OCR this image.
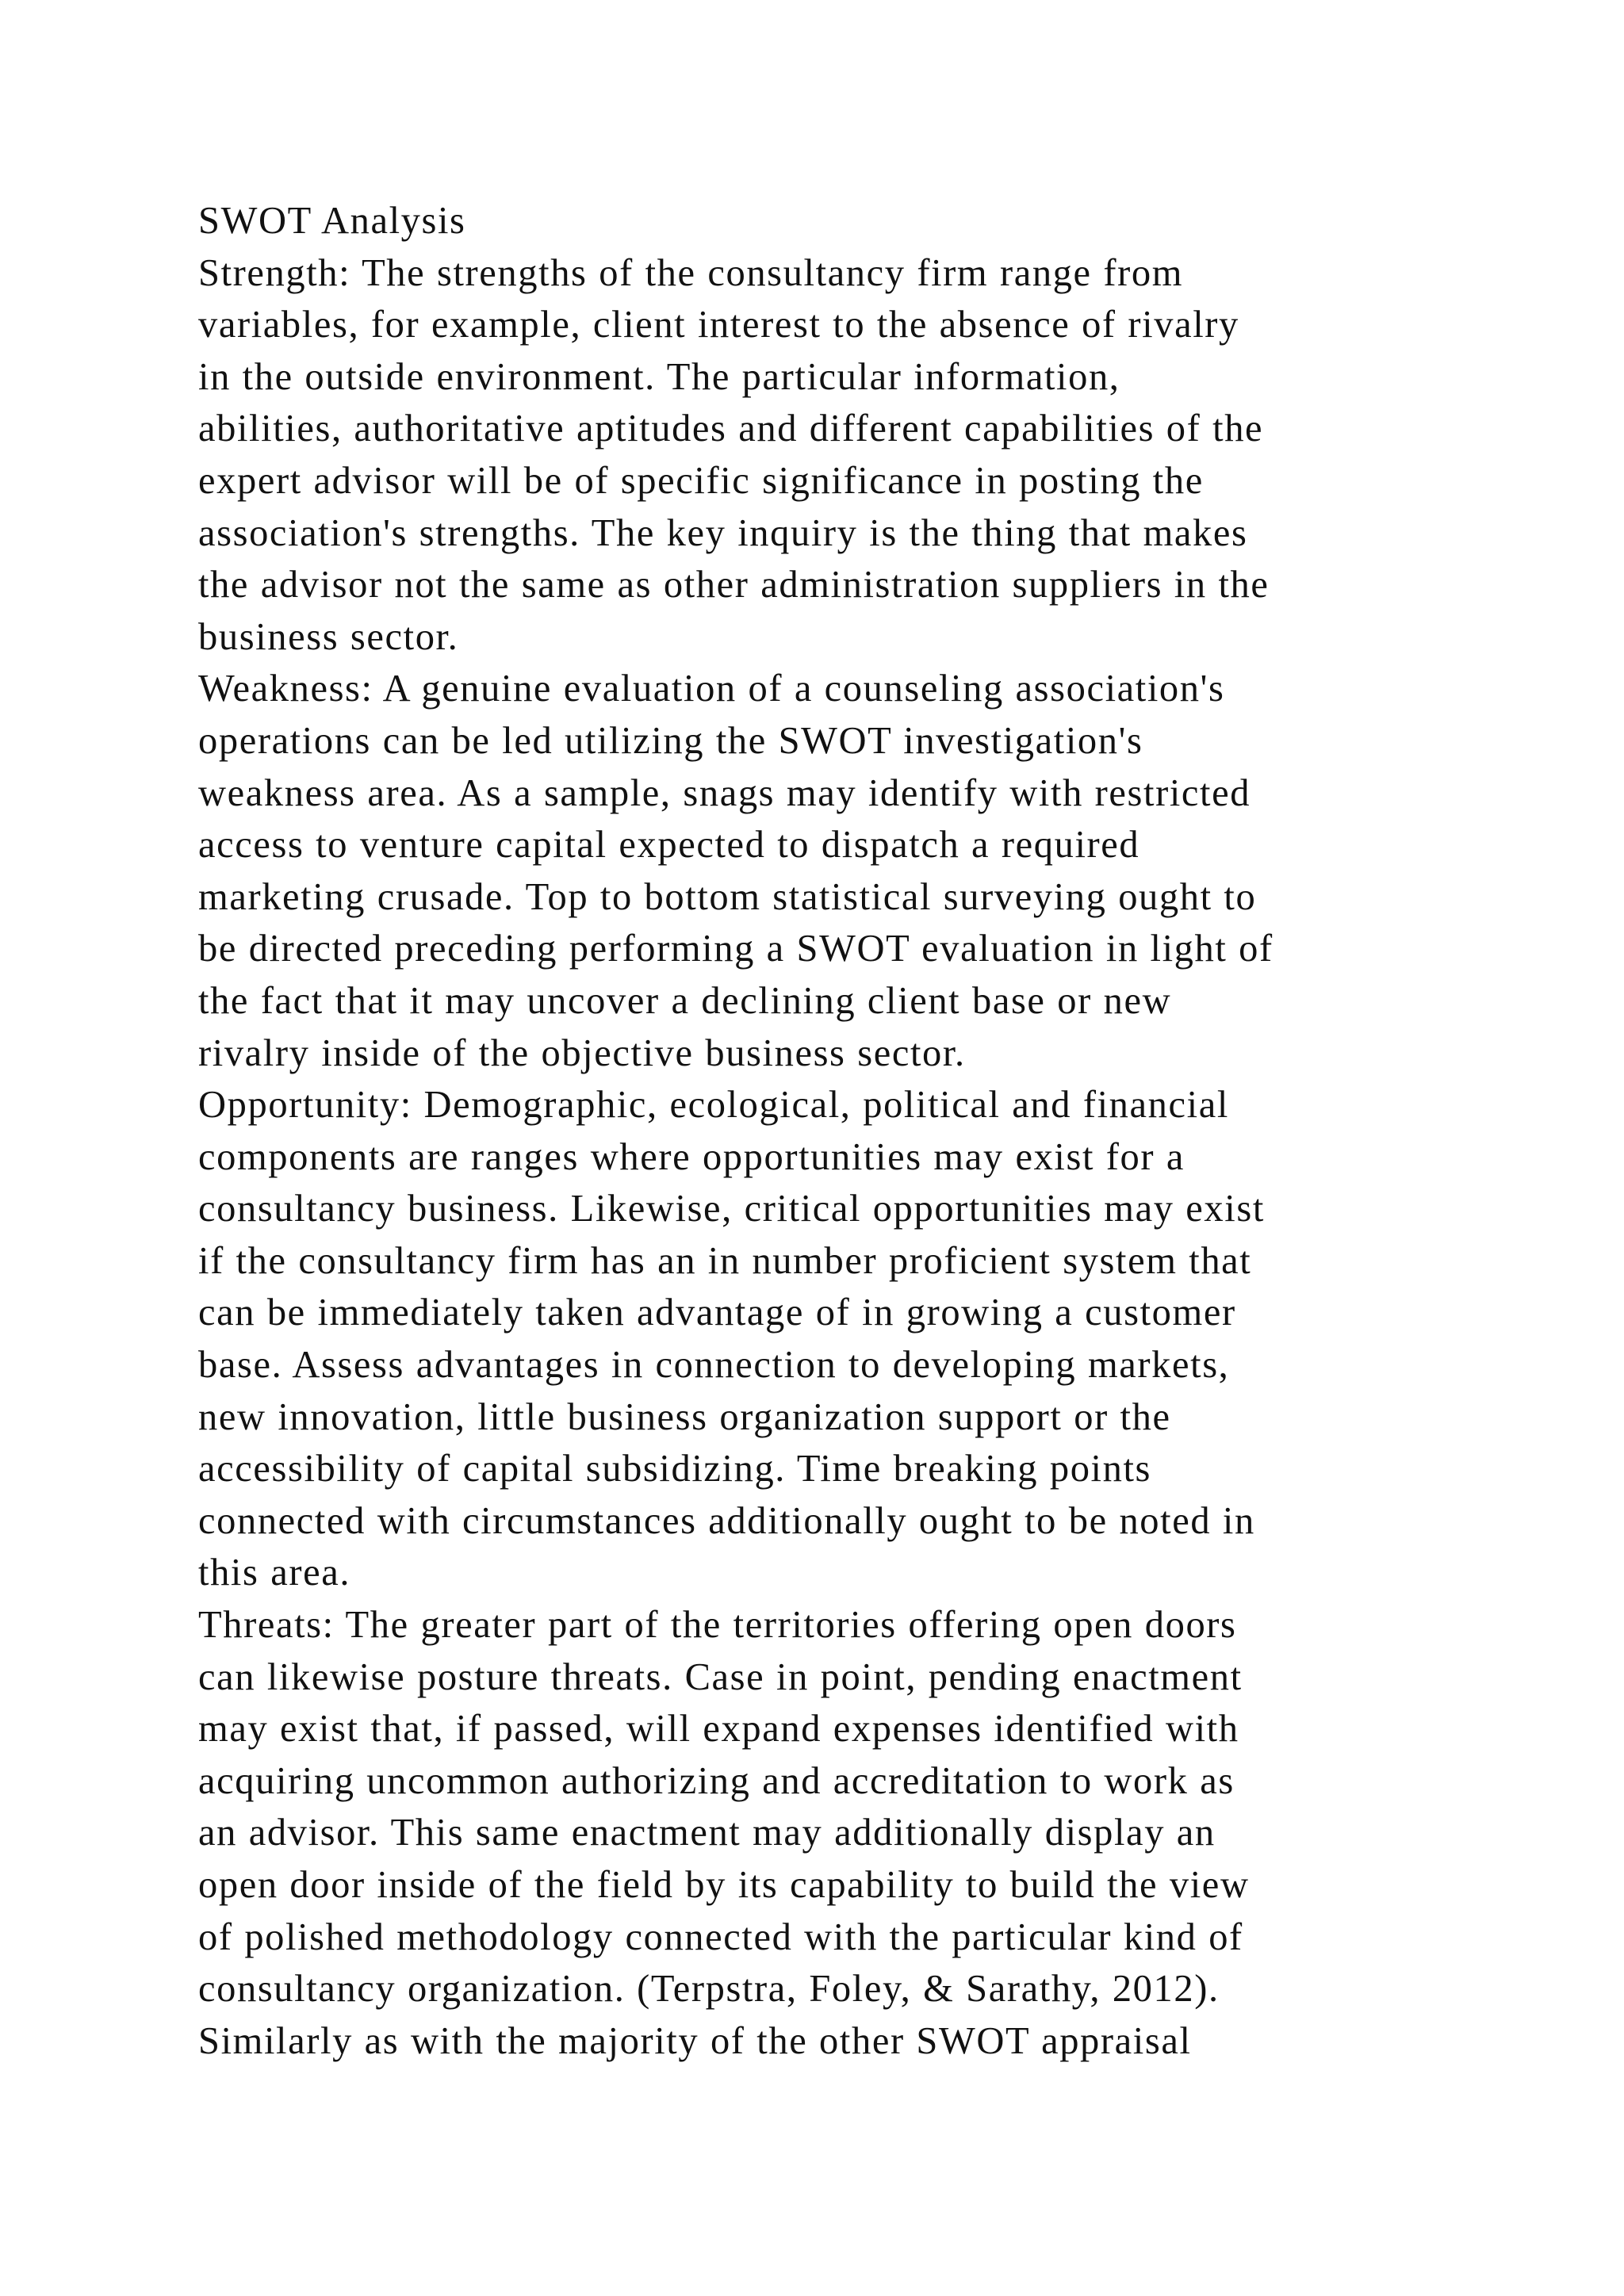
SWOT Analysis
Strength: The strengths of the consultancy firm range from
variables, for example, client interest to the absence of rivalry
in the outside environment. The particular information,
abilities, authoritative aptitudes and different capabilities of the
expert advisor will be of specific significance in posting the
association's strengths. The key inquiry is the thing that makes
the advisor not the same as other administration suppliers in the
business sector.
Weakness: A genuine evaluation of a counseling association's
operations can be led utilizing the SWOT investigation's
weakness area. As a sample, snags may identify with restricted
access to venture capital expected to dispatch a required
marketing crusade. Top to bottom statistical surveying ought to
be directed preceding performing a SWOT evaluation in light of
the fact that it may uncover a declining client base or new
rivalry inside of the objective business sector.
Opportunity: Demographic, ecological, political and financial
components are ranges where opportunities may exist for a
consultancy business. Likewise, critical opportunities may exist
if the consultancy firm has an in number proficient system that
can be immediately taken advantage of in growing a customer
base. Assess advantages in connection to developing markets,
new innovation, little business organization support or the
accessibility of capital subsidizing. Time breaking points
connected with circumstances additionally ought to be noted in
this area.
Threats: The greater part of the territories offering open doors
can likewise posture threats. Case in point, pending enactment
may exist that, if passed, will expand expenses identified with
acquiring uncommon authorizing and accreditation to work as
an advisor. This same enactment may additionally display an
open door inside of the field by its capability to build the view
of polished methodology connected with the particular kind of
consultancy organization. (Terpstra, Foley, & Sarathy, 2012).
Similarly as with the majority of the other SWOT appraisal
